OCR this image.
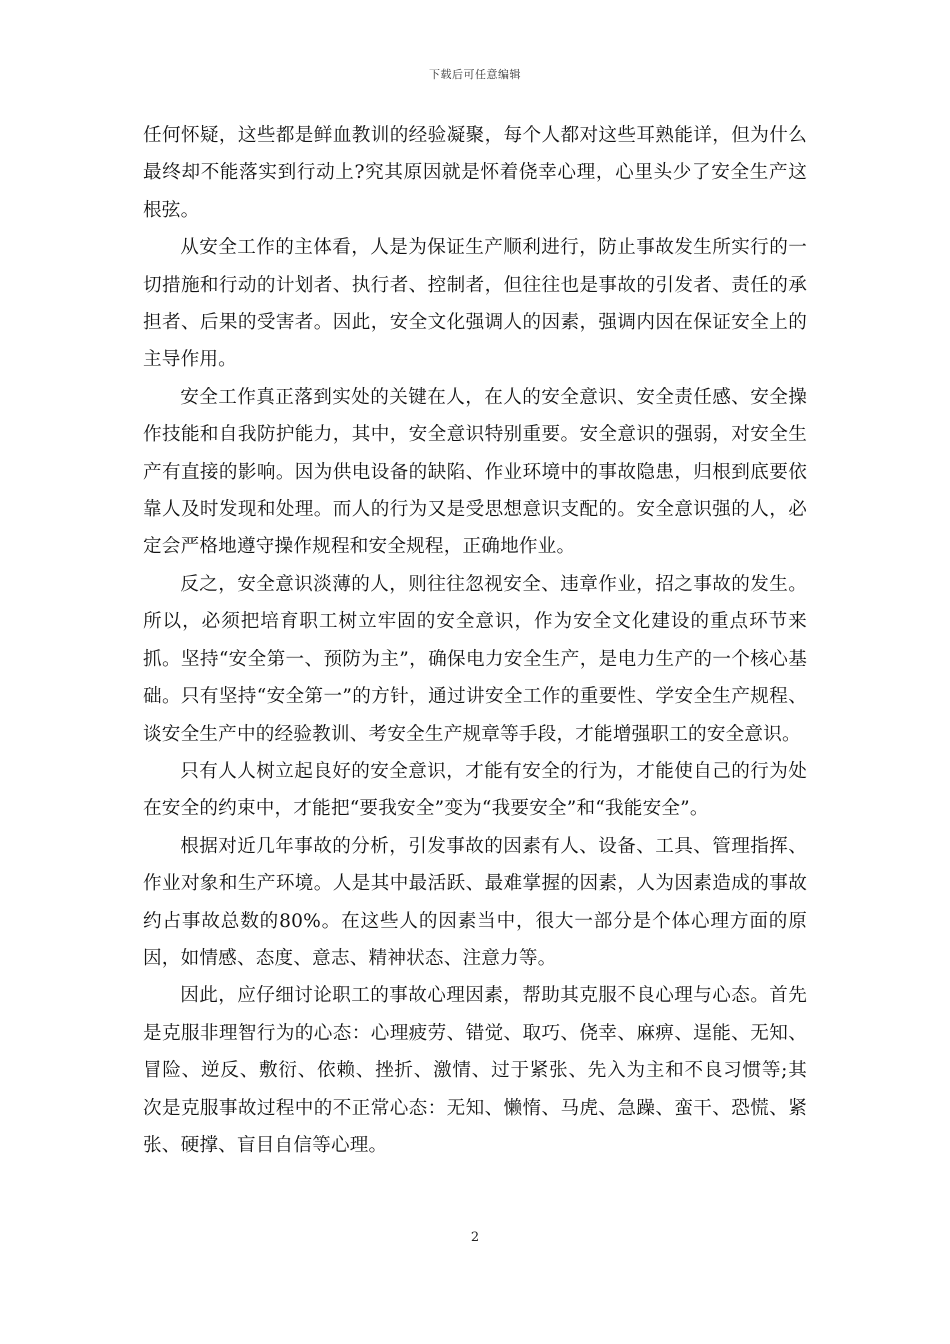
下载后可任意编辑

任何怀疑，这些都是鲜血教训的经验凝聚，每个人都对这些耳熟能详，但为什么最终却不能落实到行动上?究其原因就是怀着侥幸心理，心里头少了安全生产这根弦。

从安全工作的主体看，人是为保证生产顺利进行，防止事故发生所实行的一切措施和行动的计划者、执行者、控制者，但往往也是事故的引发者、责任的承担者、后果的受害者。因此，安全文化强调人的因素，强调内因在保证安全上的主导作用。

安全工作真正落到实处的关键在人，在人的安全意识、安全责任感、安全操作技能和自我防护能力，其中，安全意识特别重要。安全意识的强弱，对安全生产有直接的影响。因为供电设备的缺陷、作业环境中的事故隐患，归根到底要依靠人及时发现和处理。而人的行为又是受思想意识支配的。安全意识强的人，必定会严格地遵守操作规程和安全规程，正确地作业。

反之，安全意识淡薄的人，则往往忽视安全、违章作业，招之事故的发生。所以，必须把培育职工树立牢固的安全意识，作为安全文化建设的重点环节来抓。坚持“安全第一、预防为主”，确保电力安全生产，是电力生产的一个核心基础。只有坚持“安全第一”的方针，通过讲安全工作的重要性、学安全生产规程、谈安全生产中的经验教训、考安全生产规章等手段，才能增强职工的安全意识。

只有人人树立起良好的安全意识，才能有安全的行为，才能使自己的行为处在安全的约束中，才能把“要我安全”变为“我要安全”和“我能安全”。

根据对近几年事故的分析，引发事故的因素有人、设备、工具、管理指挥、作业对象和生产环境。人是其中最活跃、最难掌握的因素，人为因素造成的事故约占事故总数的80%。在这些人的因素当中，很大一部分是个体心理方面的原因，如情感、态度、意志、精神状态、注意力等。

因此，应仔细讨论职工的事故心理因素，帮助其克服不良心理与心态。首先是克服非理智行为的心态：心理疲劳、错觉、取巧、侥幸、麻痹、逞能、无知、冒险、逆反、敷衍、依赖、挫折、激情、过于紧张、先入为主和不良习惯等;其次是克服事故过程中的不正常心态：无知、懒惰、马虎、急躁、蛮干、恐慌、紧张、硬撑、盲目自信等心理。

2
